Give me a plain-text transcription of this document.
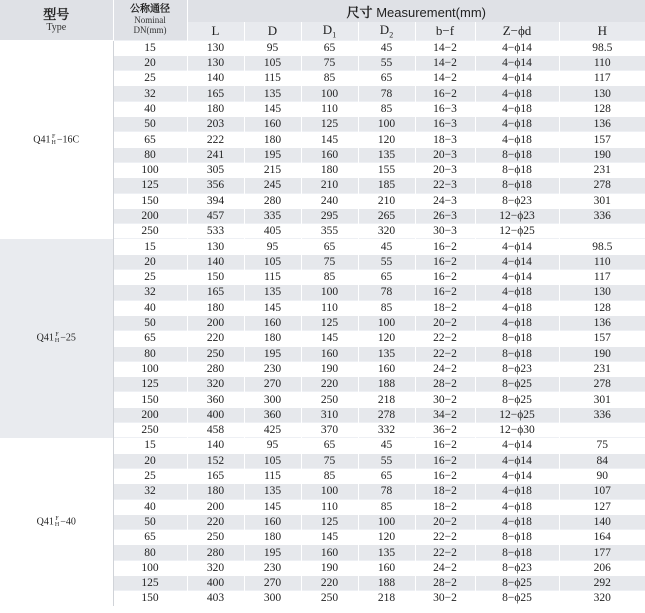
型号
Type	公称通径
Nominal
DN(mm)	尺寸 Measurement(mm)						
		L	D	$D_1$	$D_2$	b−f	Z−ϕd	H
Q41 F
H −16C	15	130	95	65	45	14−2	4−ϕ14	98.5
	20	130	105	75	55	14−2	4−ϕ14	110
	25	140	115	85	65	14−2	4−ϕ14	117
	32	165	135	100	78	16−2	4−ϕ18	130
	40	180	145	110	85	16−3	4−ϕ18	128
	50	203	160	125	100	16−3	4−ϕ18	136
	65	222	180	145	120	18−3	4−ϕ18	157
	80	241	195	160	135	20−3	8−ϕ18	190
	100	305	215	180	155	20−3	8−ϕ18	231
	125	356	245	210	185	22−3	8−ϕ18	278
	150	394	280	240	210	24−3	8−ϕ23	301
	200	457	335	295	265	26−3	12−ϕ23	336
	250	533	405	355	320	30−3	12−ϕ25	
Q41 F
H −25	15	130	95	65	45	16−2	4−ϕ14	98.5
	20	140	105	75	55	16−2	4−ϕ14	110
	25	150	115	85	65	16−2	4−ϕ14	117
	32	165	135	100	78	16−2	4−ϕ18	130
	40	180	145	110	85	18−2	4−ϕ18	128
	50	200	160	125	100	20−2	4−ϕ18	136
	65	220	180	145	120	22−2	8−ϕ18	157
	80	250	195	160	135	22−2	8−ϕ18	190
	100	280	230	190	160	24−2	8−ϕ23	231
	125	320	270	220	188	28−2	8−ϕ25	278
	150	360	300	250	218	30−2	8−ϕ25	301
	200	400	360	310	278	34−2	12−ϕ25	336
	250	458	425	370	332	36−2	12−ϕ30	
Q41 F
H −40	15	140	95	65	45	16−2	4−ϕ14	75
	20	152	105	75	55	16−2	4−ϕ14	84
	25	165	115	85	65	16−2	4−ϕ14	90
	32	180	135	100	78	18−2	4−ϕ18	107
	40	200	145	110	85	18−2	4−ϕ18	127
	50	220	160	125	100	20−2	4−ϕ18	140
	65	250	180	145	120	22−2	8−ϕ18	164
	80	280	195	160	135	22−2	8−ϕ18	177
	100	320	230	190	160	24−2	8−ϕ23	206
	125	400	270	220	188	28−2	8−ϕ25	292
	150	403	300	250	218	30−2	8−ϕ25	320
